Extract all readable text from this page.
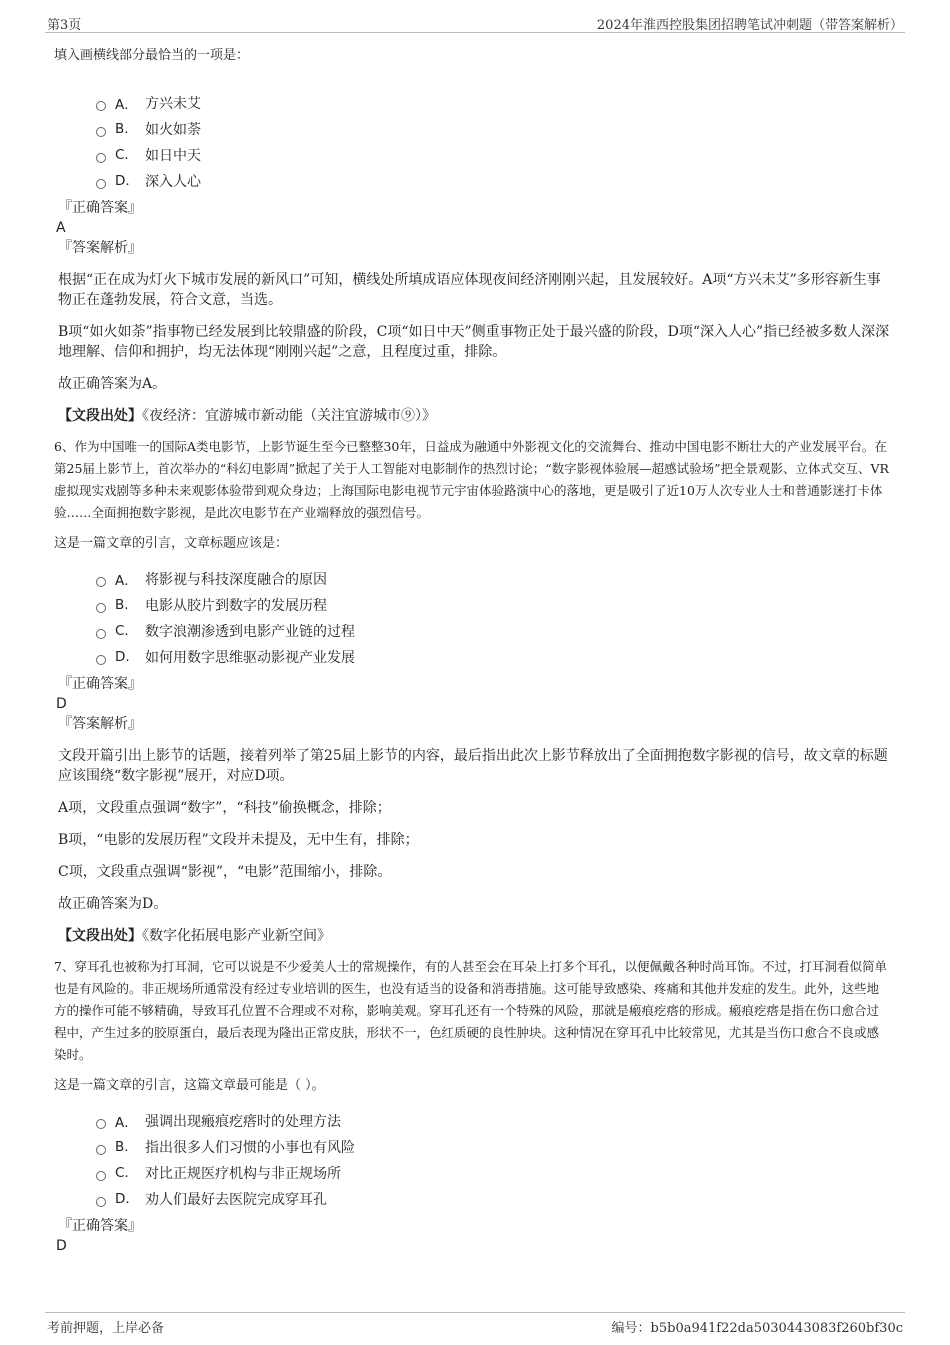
第3页	2024年淮西控股集团招聘笔试冲刺题（带答案解析）

填入画横线部分最恰当的一项是：

A． 方兴未艾
B.	如火如荼
C.	如日中天
D.	深入人心

『正确答案』

A

『答案解析』

根据“正在成为灯火下城市发展的新风口”可知，横线处所填成语应体现夜间经济刚刚兴起，且发展较好。A项“方兴未艾”多形容新生事物正在蓬勃发展，符合文意，当选。

B项“如火如荼”指事物已经发展到比较鼎盛的阶段，C项“如日中天”侧重事物正处于最兴盛的阶段，D项“深入人心”指已经被多数人深深地理解、信仰和拥护，均无法体现“刚刚兴起”之意，且程度过重，排除。

故正确答案为A。

【文段出处】《夜经济：宜游城市新动能（关注宜游城市⑨）》

6、作为中国唯一的国际A类电影节，上影节诞生至今已整整30年，日益成为融通中外影视文化的交流舞台、推动中国电影不断壮大的产业发展平台。在第25届上影节上，首次举办的“科幻电影周”掀起了关于人工智能对电影制作的热烈讨论；“数字影视体验展—超感试验场”把全景观影、立体式交互、VR虚拟现实戏剧等多种未来观影体验带到观众身边；上海国际电影电视节元宇宙体验路演中心的落地，更是吸引了近10万人次专业人士和普通影迷打卡体验……全面拥抱数字影视，是此次电影节在产业端释放的强烈信号。

这是一篇文章的引言，文章标题应该是：

A． 将影视与科技深度融合的原因
B.	电影从胶片到数字的发展历程
C.	数字浪潮渗透到电影产业链的过程
D.	如何用数字思维驱动影视产业发展

『正确答案』

D

『答案解析』

文段开篇引出上影节的话题，接着列举了第25届上影节的内容，最后指出此次上影节释放出了全面拥抱数字影视的信号，故文章的标题应该围绕“数字影视”展开，对应D项。

A项，文段重点强调“数字”，“科技”偷换概念，排除；

B项，“电影的发展历程”文段并未提及，无中生有，排除；

C项，文段重点强调“影视”，“电影”范围缩小，排除。

故正确答案为D。

【文段出处】《数字化拓展电影产业新空间》

7、穿耳孔也被称为打耳洞，它可以说是不少爱美人士的常规操作，有的人甚至会在耳朵上打多个耳孔，以便佩戴各种时尚耳饰。不过，打耳洞看似简单也是有风险的。非正规场所通常没有经过专业培训的医生，也没有适当的设备和消毒措施。这可能导致感染、疼痛和其他并发症的发生。此外，这些地方的操作可能不够精确，导致耳孔位置不合理或不对称，影响美观。穿耳孔还有一个特殊的风险，那就是瘢痕疙瘩的形成。瘢痕疙瘩是指在伤口愈合过程中，产生过多的胶原蛋白，最后表现为隆出正常皮肤，形状不一，色红质硬的良性肿块。这种情况在穿耳孔中比较常见，尤其是当伤口愈合不良或感染时。

这是一篇文章的引言，这篇文章最可能是（ ）。

A． 强调出现瘢痕疙瘩时的处理方法
B.	指出很多人们习惯的小事也有风险
C.	对比正规医疗机构与非正规场所
D.	劝人们最好去医院完成穿耳孔

『正确答案』

D

考前押题，上岸必备	编号：b5b0a941f22da5030443083f260bf30c
